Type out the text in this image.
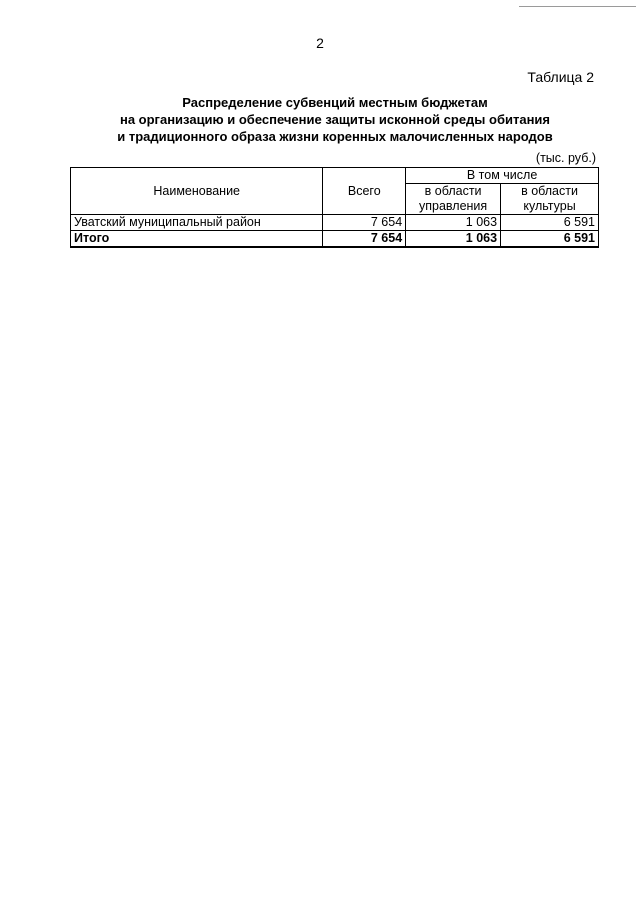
2
Таблица 2
Распределение субвенций местным бюджетам
на организацию и обеспечение защиты исконной среды обитания
и традиционного образа жизни коренных малочисленных народов
(тыс. руб.)
Наименование	Всего	В том числе	
		в области управления	в области культуры
Уватский муниципальный район	7 654	1 063	6 591
Итого	7 654	1 063	6 591
